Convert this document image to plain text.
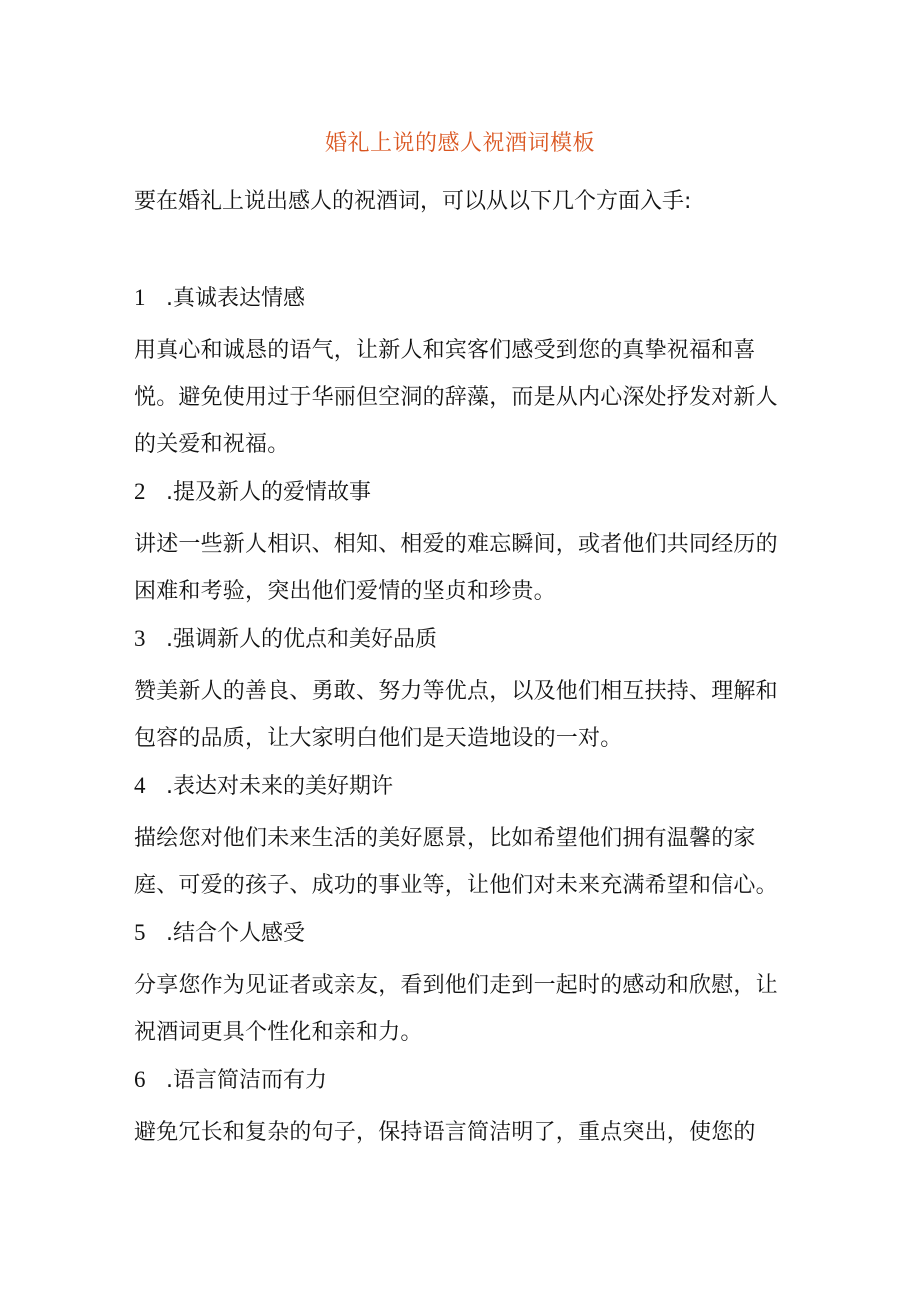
婚礼上说的感人祝酒词模板

要在婚礼上说出感人的祝酒词，可以从以下几个方面入手:

1 .真诚表达情感

用真心和诚恳的语气，让新人和宾客们感受到您的真挚祝福和喜悦。避免使用过于华丽但空洞的辞藻，而是从内心深处抒发对新人的关爱和祝福。

2 .提及新人的爱情故事

讲述一些新人相识、相知、相爱的难忘瞬间，或者他们共同经历的困难和考验，突出他们爱情的坚贞和珍贵。

3 .强调新人的优点和美好品质

赞美新人的善良、勇敢、努力等优点，以及他们相互扶持、理解和包容的品质，让大家明白他们是天造地设的一对。

4 .表达对未来的美好期许

描绘您对他们未来生活的美好愿景，比如希望他们拥有温馨的家庭、可爱的孩子、成功的事业等，让他们对未来充满希望和信心。

5 .结合个人感受

分享您作为见证者或亲友，看到他们走到一起时的感动和欣慰，让祝酒词更具个性化和亲和力。

6 .语言简洁而有力

避免冗长和复杂的句子，保持语言简洁明了，重点突出，使您的
